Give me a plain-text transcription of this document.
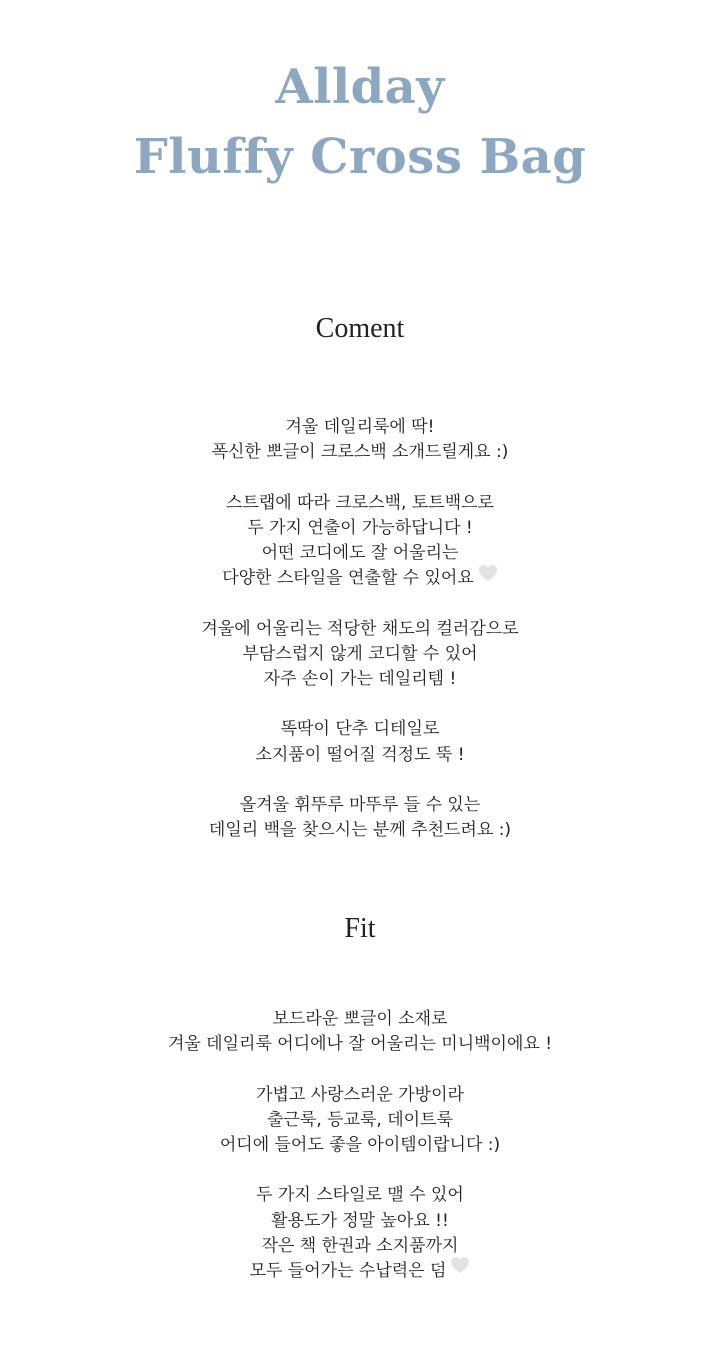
Allday
Fluffy Cross Bag
Coment
겨울 데일리룩에 딱!
폭신한 뽀글이 크로스백 소개드릴게요 :)
스트랩에 따라 크로스백, 토트백으로
두 가지 연출이 가능하답니다 !
어떤 코디에도 잘 어울리는
다양한 스타일을 연출할 수 있어요
겨울에 어울리는 적당한 채도의 컬러감으로
부담스럽지 않게 코디할 수 있어
자주 손이 가는 데일리템 !
똑딱이 단추 디테일로
소지품이 떨어질 걱정도 뚝 !
올겨울 휘뚜루 마뚜루 들 수 있는
데일리 백을 찾으시는 분께 추천드려요 :)
Fit
보드라운 뽀글이 소재로
겨울 데일리룩 어디에나 잘 어울리는 미니백이에요 !
가볍고 사랑스러운 가방이라
출근룩, 등교룩, 데이트룩
어디에 들어도 좋을 아이템이랍니다 :)
두 가지 스타일로 맬 수 있어
활용도가 정말 높아요 !!
작은 책 한권과 소지품까지
모두 들어가는 수납력은 덤
